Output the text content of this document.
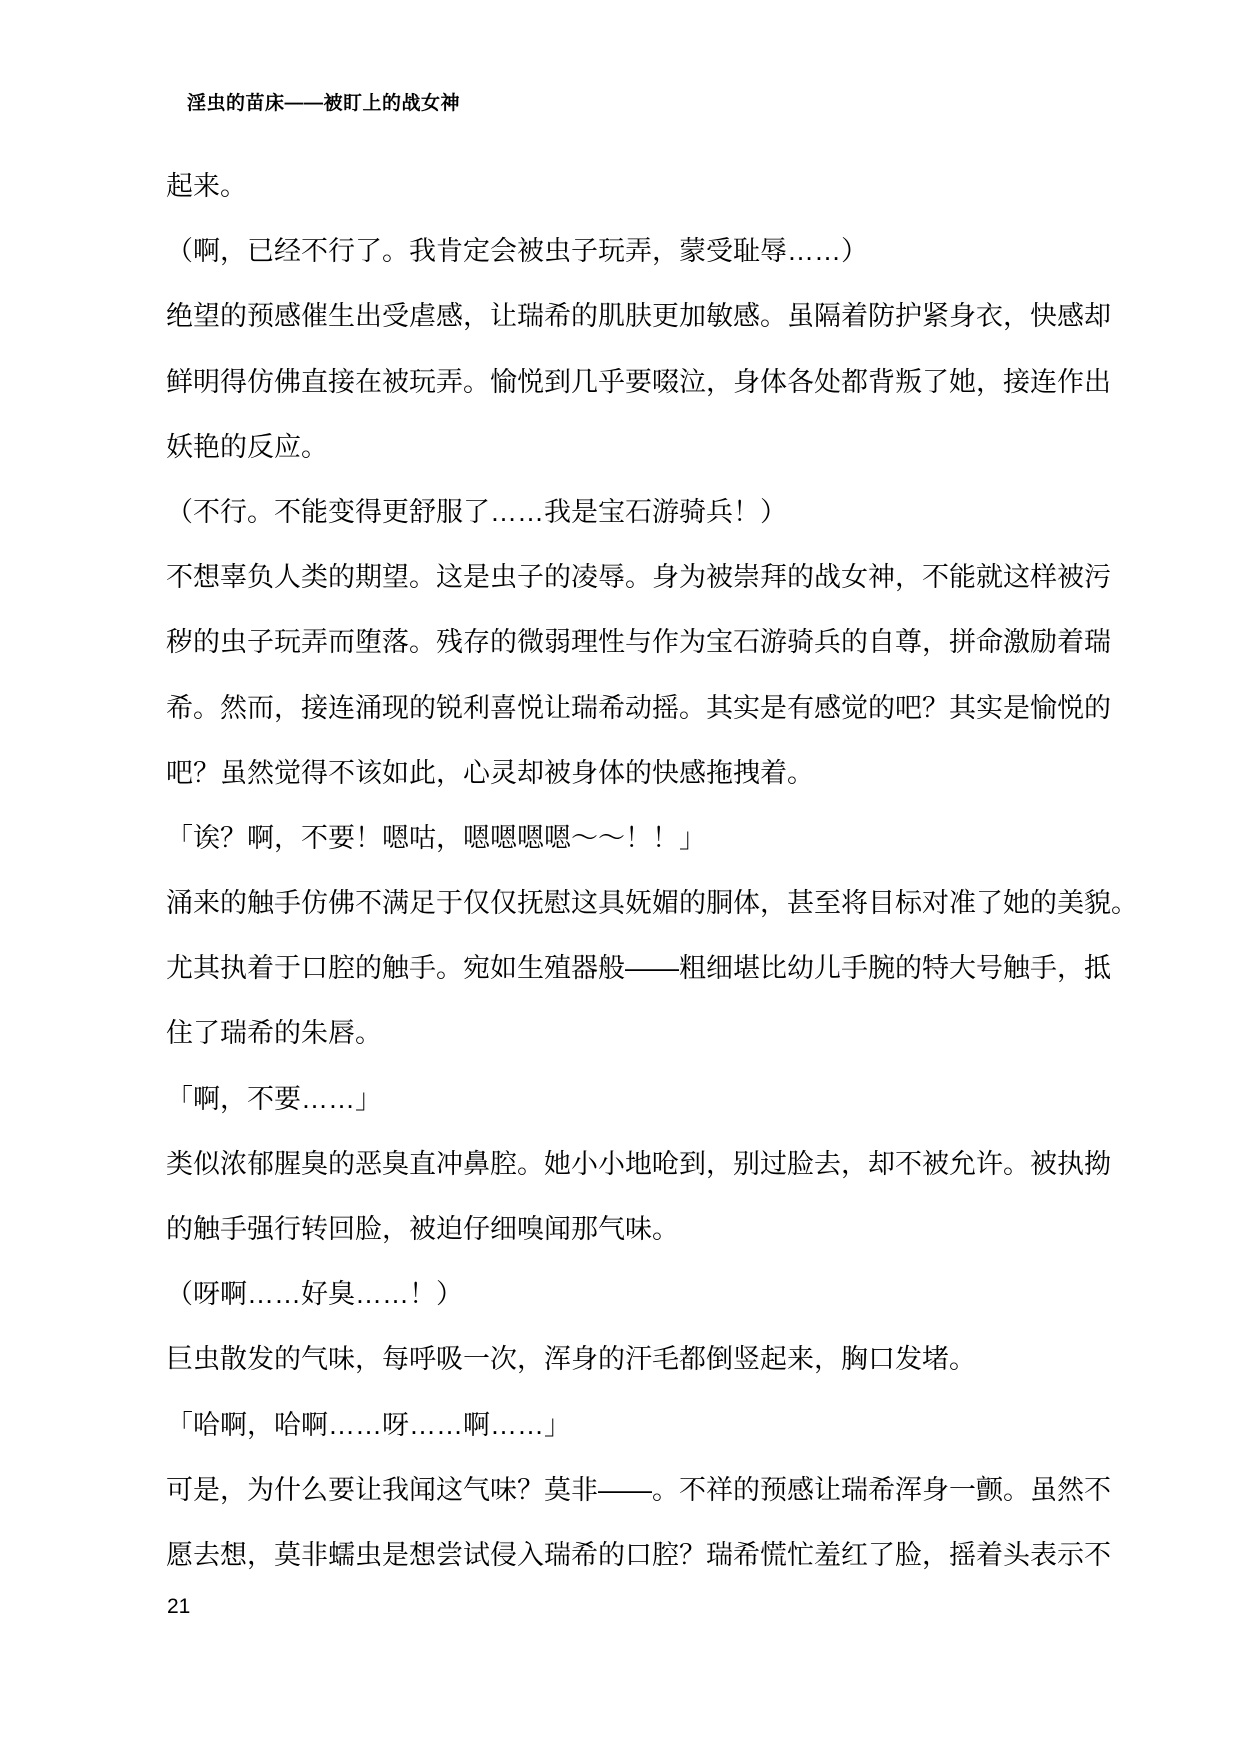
淫虫的苗床——被盯上的战女神
起来。
（啊，已经不行了。我肯定会被虫子玩弄，蒙受耻辱……）
绝望的预感催生出受虐感，让瑞希的肌肤更加敏感。虽隔着防护紧身衣，快感却
鲜明得仿佛直接在被玩弄。愉悦到几乎要啜泣，身体各处都背叛了她，接连作出
妖艳的反应。
（不行。不能变得更舒服了……我是宝石游骑兵！）
不想辜负人类的期望。这是虫子的凌辱。身为被崇拜的战女神，不能就这样被污
秽的虫子玩弄而堕落。残存的微弱理性与作为宝石游骑兵的自尊，拼命激励着瑞
希。然而，接连涌现的锐利喜悦让瑞希动摇。其实是有感觉的吧？其实是愉悦的
吧？虽然觉得不该如此，心灵却被身体的快感拖拽着。
「诶？啊，不要！嗯咕，嗯嗯嗯嗯～～！！」
涌来的触手仿佛不满足于仅仅抚慰这具妩媚的胴体，甚至将目标对准了她的美貌。
尤其执着于口腔的触手。宛如生殖器般——粗细堪比幼儿手腕的特大号触手，抵
住了瑞希的朱唇。
「啊，不要……」
类似浓郁腥臭的恶臭直冲鼻腔。她小小地呛到，别过脸去，却不被允许。被执拗
的触手强行转回脸，被迫仔细嗅闻那气味。
（呀啊……好臭……！）
巨虫散发的气味，每呼吸一次，浑身的汗毛都倒竖起来，胸口发堵。
「哈啊，哈啊……呀……啊……」
可是，为什么要让我闻这气味？莫非——。不祥的预感让瑞希浑身一颤。虽然不
愿去想，莫非蠕虫是想尝试侵入瑞希的口腔？瑞希慌忙羞红了脸，摇着头表示不
21
